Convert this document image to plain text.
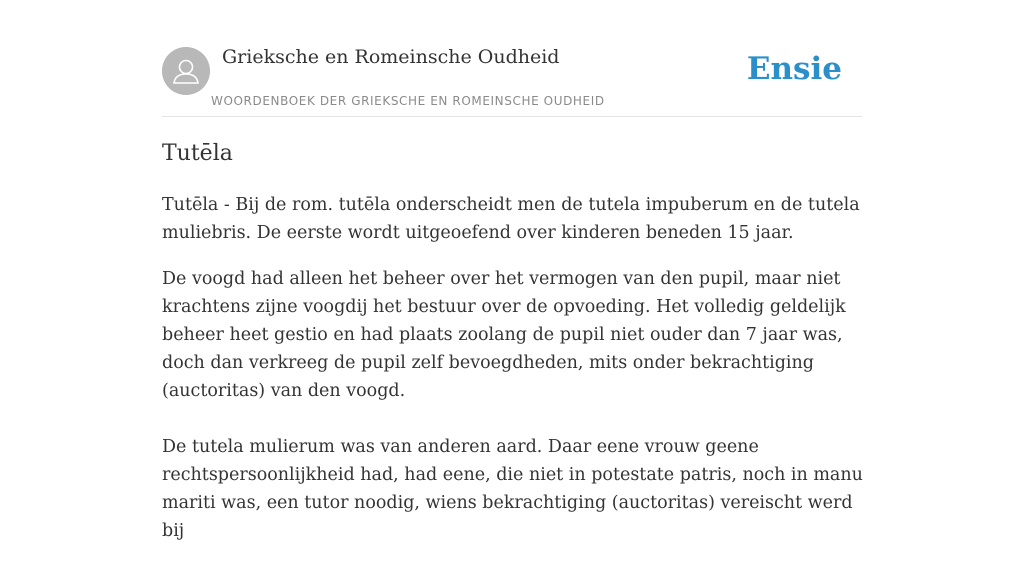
Grieksche en Romeinsche Oudheid
WOORDENBOEK DER GRIEKSCHE EN ROMEINSCHE OUDHEID
Ensie
Tutēla

Tutēla - Bij de rom. tutēla onderscheidt men de tutela impuberum en de tutela muliebris. De eerste wordt uitgeoefend over kinderen beneden 15 jaar.

De voogd had alleen het beheer over het vermogen van den pupil, maar niet krachtens zijne voogdij het bestuur over de opvoeding. Het volledig geldelijk beheer heet gestio en had plaats zoolang de pupil niet ouder dan 7 jaar was, doch dan verkreeg de pupil zelf bevoegdheden, mits onder bekrachtiging (auctoritas) van den voogd.

De tutela mulierum was van anderen aard. Daar eene vrouw geene rechtspersoonlijkheid had, had eene, die niet in potestate patris, noch in manu mariti was, een tutor noodig, wiens bekrachtiging (auctoritas) vereischt werd bij
